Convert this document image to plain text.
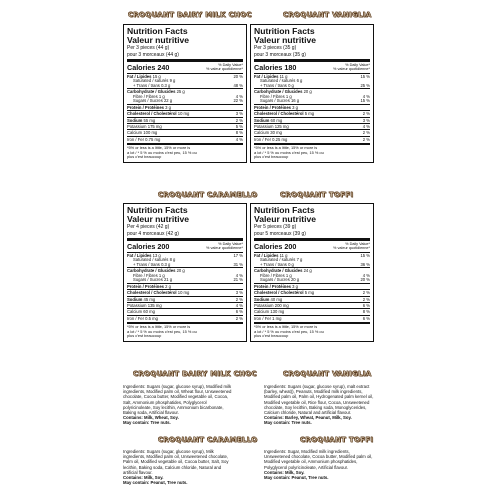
CROQUANT DAIRY MILK CHOC	CROQUANT VANIGLIA
CROQUANT CARAMELLO	CROQUANT TOFFI
CROQUANT DAIRY MILK CHOC	CROQUANT VANIGLIA
CROQUANT CARAMELLO	CROQUANT TOFFI
Nutrition Facts
Valeur nutritive
Per 3 pieces (44 g)
pour 3 morceaux (44 g)
Calories 240	% Daily Value*
% valeur quotidienne*
Fat / Lipides 15 g	20 %
Saturated / saturés 9 g
+ Trans / trans 0.3 g	48 %
Carbohydrate / Glucides 25 g
Fibre / Fibres 1 g	4 %
Sugars / Sucres 22 g	22 %
Protein / Protéines 3 g
Cholesterol / Cholestérol 10 mg	3 %
Sodium 55 mg	2 %
Potassium 175 mg	5 %
Calcium 100 mg	8 %
Iron / Fer 0.75 mg	4 %
*5% or less is a little, 15% or more is
a lot / * 5 % ou moins c'est peu, 15 % ou
plus c'est beaucoup
Nutrition Facts
Valeur nutritive
Per 3 pieces (35 g)
pour 3 morceaux (35 g)
Calories 180	% Daily Value*
% valeur quotidienne*
Fat / Lipides 11 g	15 %
Saturated / saturés 6 g
+ Trans / trans 0 g	25 %
Carbohydrate / Glucides 20 g
Fibre / Fibres 1 g	4 %
Sugars / Sucres 16 g	15 %
Protein / Protéines 3 g
Cholesterol / Cholestérol 5 mg	2 %
Sodium 60 mg	3 %
Potassium 125 mg	4 %
Calcium 30 mg	2 %
Iron / Fer 0.25 mg	2 %
*5% or less is a little, 15% or more is
a lot / * 5 % ou moins c'est peu, 15 % ou
plus c'est beaucoup
Nutrition Facts
Valeur nutritive
Per 4 pieces (42 g)
pour 4 morceaux (42 g)
Calories 200	% Daily Value*
% valeur quotidienne*
Fat / Lipides 13 g	17 %
Saturated / saturés 8 g
+ Trans / trans 0.3 g	31 %
Carbohydrate / Glucides 20 g
Fibre / Fibres 1 g	4 %
Sugars / Sucres 21 g	21 %
Protein / Protéines 2 g
Cholesterol / Cholestérol 10 mg	3 %
Sodium 45 mg	2 %
Potassium 135 mg	4 %
Calcium 60 mg	6 %
Iron / Fer 0.5 mg	2 %
*5% or less is a little, 15% or more is
a lot / * 5 % ou moins c'est peu, 15 % ou
plus c'est beaucoup
Nutrition Facts
Valeur nutritive
Per 5 pieces (39 g)
pour 5 morceaux (39 g)
Calories 200	% Daily Value*
% valeur quotidienne*
Fat / Lipides 11 g	15 %
Saturated / saturés 7 g
+ Trans / trans 0 g	36 %
Carbohydrate / Glucides 24 g
Fibre / Fibres 1 g	4 %
Sugars / Sucres 20 g	20 %
Protein / Protéines 3 g
Cholesterol / Cholestérol 5 mg	2 %
Sodium 40 mg	2 %
Potassium 200 mg	6 %
Calcium 130 mg	8 %
Iron / Fer 1 mg	6 %
*5% or less is a little, 15% or more is
a lot / * 5 % ou moins c'est peu, 15 % ou
plus c'est beaucoup
Ingredients: Sugars (sugar, glucose syrup), Modified milk
ingredients, Modified palm oil, Wheat flour, Unsweetened
chocolate, Cocoa butter, Modified vegetable oil, Cocoa,
Salt, Ammonium phosphatides, Polyglycerol
polyricinoleate, Soy lecithin, Ammonium bicarbonate,
Baking soda, Artificial flavour.
Contains: Milk, Wheat, Soy.
May contain: Tree nuts.
Ingredients: Sugars (sugar, glucose syrup), malt extract
(barley, wheat)), Peanuts, Modified milk ingredients,
Modified palm oil, Palm oil, Hydrogenated palm kernel oil,
Modified vegetable oil, Rice flour, Cocoa, Unsweetened
chocolate, Soy lecithin, Baking soda, Monoglycerides,
Calcium chloride, Natural and artificial flavour.
Contains: Barley, Wheat, Peanut, Milk, Soy.
May contain: Tree nuts.
Ingredients: Sugars (sugar, glucose syrup), Milk
ingredients, Modified palm oil, Unsweetened chocolate,
Palm oil, Modified vegetable oil, Cocoa butter, Salt, Soy
lecithin, Baking soda, Calcium chloride, Natural and
artificial flavour.
Contains: Milk, Soy.
May contain: Peanut, Tree nuts.
Ingredients: Sugar, Modified milk ingredients,
Unsweetened chocolate, Cocoa butter, Modified palm oil,
Modified vegetable oil, Ammonium phosphatides,
Polyglycerol polyricinoleate, Artificial flavour.
Contains: Milk, Soy.
May contain: Peanut, Tree nuts.
